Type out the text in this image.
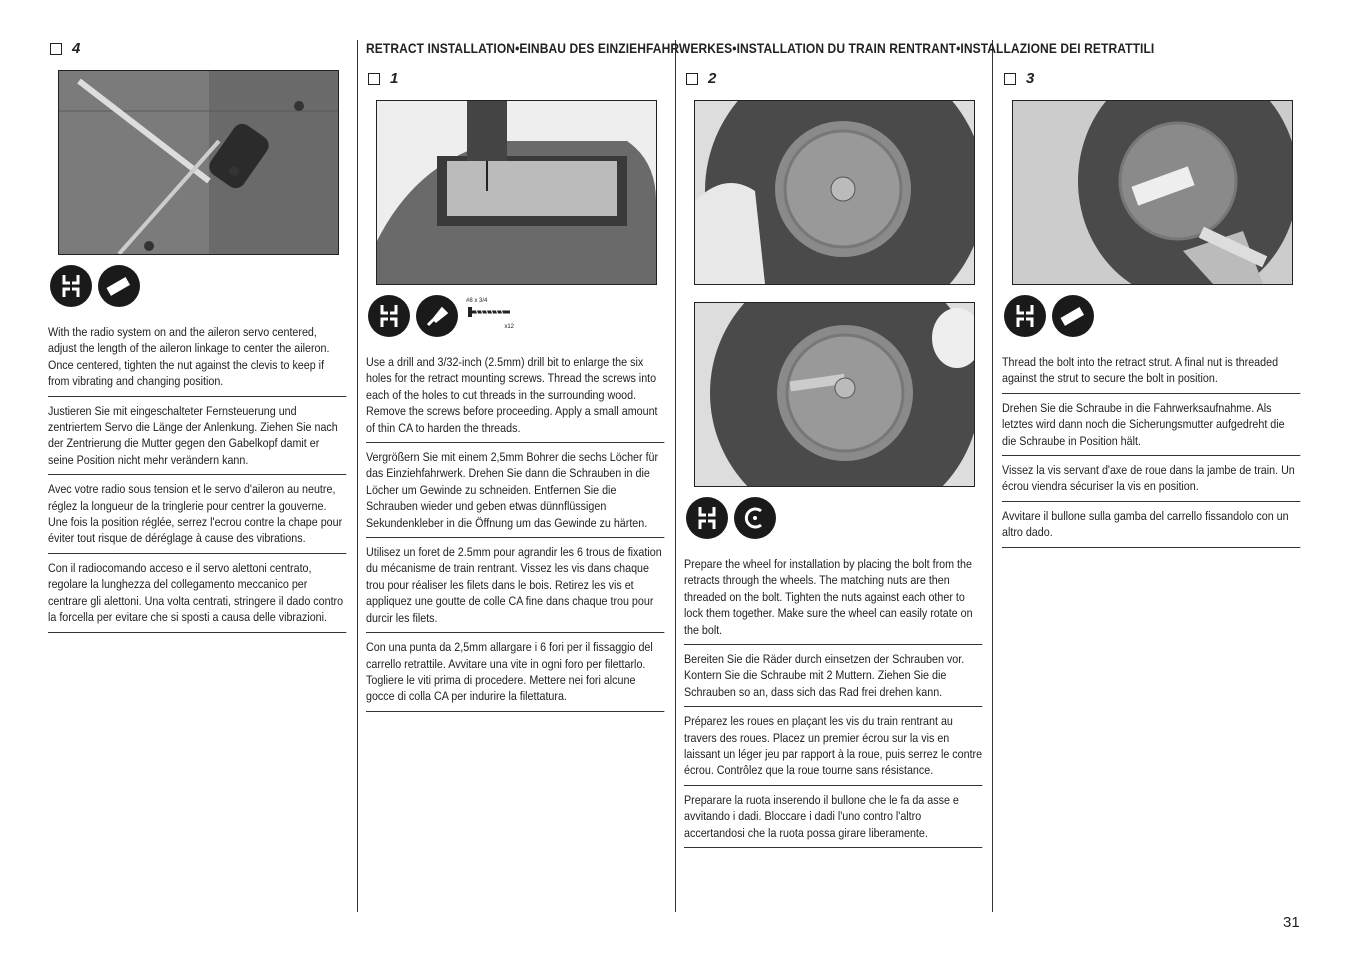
RETRACT INSTALLATION•EINBAU DES EINZIEHFAHRWERKES•INSTALLATION DU TRAIN RENTRANT•INSTALLAZIONE DEI RETRATTILI
4
With the radio system on and the aileron servo centered, adjust the length of the aileron linkage to center the aileron. Once centered, tighten the nut against the clevis to keep if from vibrating and changing position.
Justieren Sie mit eingeschalteter Fernsteuerung und zentriertem Servo die Länge der Anlenkung. Ziehen Sie nach der Zentrierung die Mutter gegen den Gabelkopf damit er seine Position nicht mehr verändern kann.
Avec votre radio sous tension et le servo d'aileron au neutre, réglez la longueur de la tringlerie pour centrer la gouverne. Une fois la position réglée, serrez l'ecrou contre la chape pour éviter tout risque de déréglage à cause des vibrations.
Con il radiocomando acceso e il servo alettoni centrato, regolare la lunghezza del collegamento meccanico per centrare gli alettoni. Una volta centrati, stringere il dado contro la forcella per evitare che si sposti a causa delle vibrazioni.
1
#8 x 3/4
x12
Use a drill and 3/32-inch (2.5mm) drill bit to enlarge the six holes for the retract mounting screws. Thread the screws into each of the holes to cut threads in the surrounding wood. Remove the screws before proceeding. Apply a small amount of thin CA to harden the threads.
Vergrößern Sie mit einem 2,5mm Bohrer die sechs Löcher für das Einziehfahrwerk. Drehen Sie dann die Schrauben in die Löcher um Gewinde zu schneiden. Entfernen Sie die Schrauben wieder und geben etwas dünnflüssigen Sekundenkleber in die Öffnung um das Gewinde zu härten.
Utilisez un foret de 2.5mm pour agrandir les 6 trous de fixation du mécanisme de train rentrant. Vissez les vis dans chaque trou pour réaliser les filets dans le bois. Retirez les vis et appliquez une goutte de colle CA fine dans chaque trou pour durcir les filets.
Con una punta da 2,5mm allargare i 6 fori per il fissaggio del carrello retrattile. Avvitare una vite in ogni foro per filettarlo. Togliere le viti prima di procedere. Mettere nei fori alcune gocce di colla CA per indurire la filettatura.
2
Prepare the wheel for installation by placing the bolt from the retracts through the wheels. The matching nuts are then threaded on the bolt. Tighten the nuts against each other to lock them together. Make sure the wheel can easily rotate on the bolt.
Bereiten Sie die Räder durch einsetzen der Schrauben vor. Kontern Sie die Schraube mit 2 Muttern. Ziehen Sie die Schrauben so an, dass sich das Rad frei drehen kann.
Préparez les roues en plaçant les vis du train rentrant au travers des roues. Placez un premier écrou sur la vis en laissant un léger jeu par rapport à la roue, puis serrez le contre écrou. Contrôlez que la roue tourne sans résistance.
Preparare la ruota inserendo il bullone che le fa da asse e avvitando i dadi. Bloccare i dadi l'uno contro l'altro accertandosi che la ruota possa girare liberamente.
3
Thread the bolt into the retract strut. A final nut is threaded against the strut to secure the bolt in position.
Drehen Sie die Schraube in die Fahrwerksaufnahme. Als letztes wird dann noch die Sicherungsmutter aufgedreht die die Schraube in Position hält.
Vissez la vis servant d'axe de roue dans la jambe de train. Un écrou viendra sécuriser la vis en position.
Avvitare il bullone sulla gamba del carrello fissandolo con un altro dado.
31
